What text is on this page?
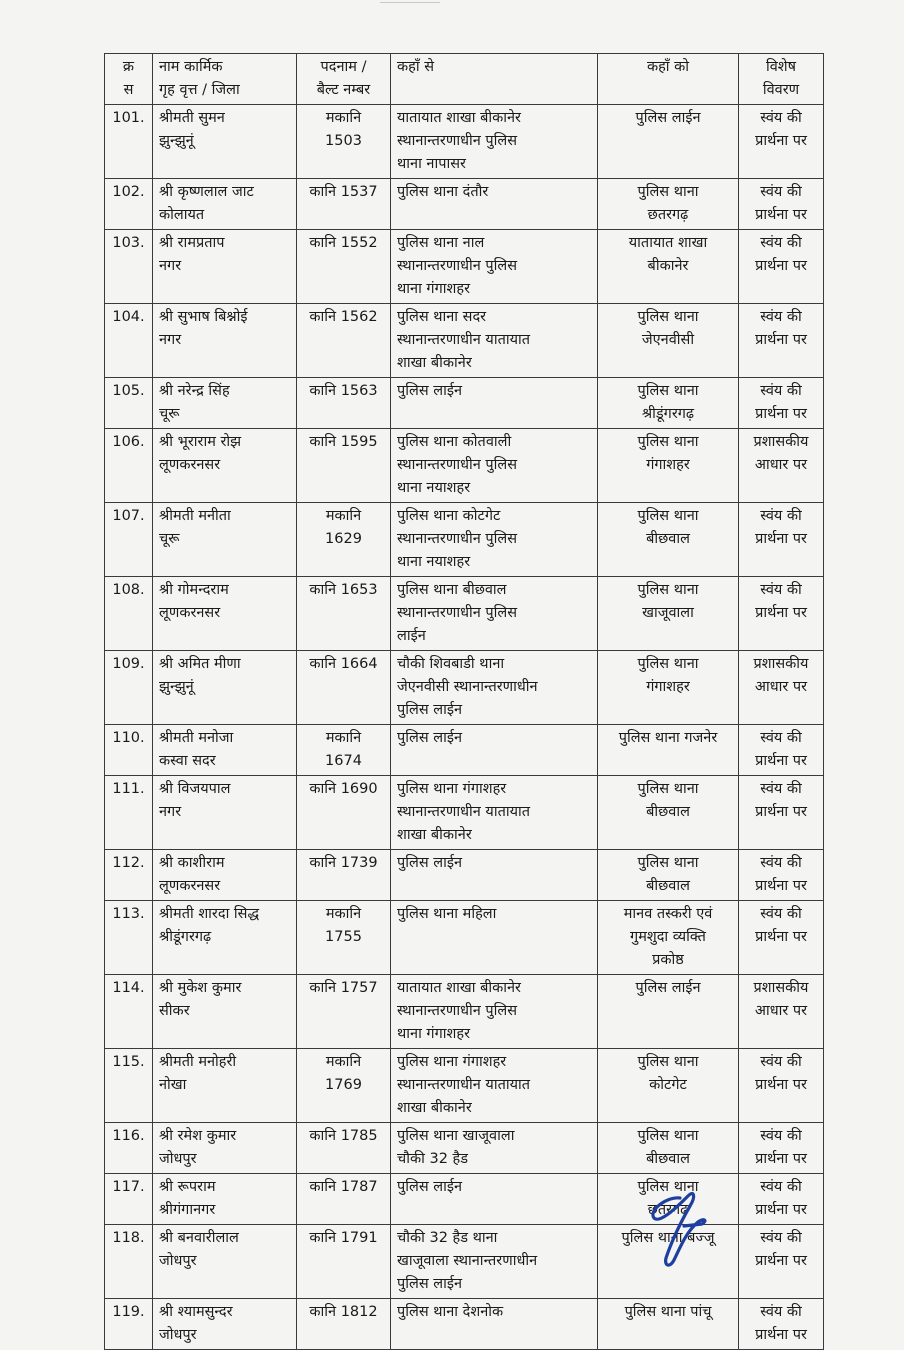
क्र
स	नाम कार्मिक
गृह वृत्त / जिला	पदनाम /
बैल्ट नम्बर	कहाँ से	कहाँ को	विशेष
विवरण

101.	श्रीमती सुमन
झुन्झुनूं	मकानि
1503	यातायात शाखा बीकानेर
स्थानान्तरणाधीन पुलिस
थाना नापासर	पुलिस लाईन	स्वंय की
प्रार्थना पर

102.	श्री कृष्णलाल जाट
कोलायत	कानि 1537	पुलिस थाना दंतौर	पुलिस थाना
छतरगढ़	स्वंय की
प्रार्थना पर

103.	श्री रामप्रताप
नगर	कानि 1552	पुलिस थाना नाल
स्थानान्तरणाधीन पुलिस
थाना गंगाशहर	यातायात शाखा
बीकानेर	स्वंय की
प्रार्थना पर

104.	श्री सुभाष बिश्नोई
नगर	कानि 1562	पुलिस थाना सदर
स्थानान्तरणाधीन यातायात
शाखा बीकानेर	पुलिस थाना
जेएनवीसी	स्वंय की
प्रार्थना पर

105.	श्री नरेन्द्र सिंह
चूरू	कानि 1563	पुलिस लाईन	पुलिस थाना
श्रीडूंगरगढ़	स्वंय की
प्रार्थना पर

106.	श्री भूराराम रोझ
लूणकरनसर	कानि 1595	पुलिस थाना कोतवाली
स्थानान्तरणाधीन पुलिस
थाना नयाशहर	पुलिस थाना
गंगाशहर	प्रशासकीय
आधार पर

107.	श्रीमती मनीता
चूरू	मकानि
1629	पुलिस थाना कोटगेट
स्थानान्तरणाधीन पुलिस
थाना नयाशहर	पुलिस थाना
बीछवाल	स्वंय की
प्रार्थना पर

108.	श्री गोमन्दराम
लूणकरनसर	कानि 1653	पुलिस थाना बीछवाल
स्थानान्तरणाधीन पुलिस
लाईन	पुलिस थाना
खाजूवाला	स्वंय की
प्रार्थना पर

109.	श्री अमित मीणा
झुन्झुनूं	कानि 1664	चौकी शिवबाडी थाना
जेएनवीसी स्थानान्तरणाधीन
पुलिस लाईन	पुलिस थाना
गंगाशहर	प्रशासकीय
आधार पर

110.	श्रीमती मनोजा
कस्वा सदर	मकानि
1674	पुलिस लाईन	पुलिस थाना गजनेर	स्वंय की
प्रार्थना पर

111.	श्री विजयपाल
नगर	कानि 1690	पुलिस थाना गंगाशहर
स्थानान्तरणाधीन यातायात
शाखा बीकानेर	पुलिस थाना
बीछवाल	स्वंय की
प्रार्थना पर

112.	श्री काशीराम
लूणकरनसर	कानि 1739	पुलिस लाईन	पुलिस थाना
बीछवाल	स्वंय की
प्रार्थना पर

113.	श्रीमती शारदा सिद्ध
श्रीडूंगरगढ़	मकानि
1755	पुलिस थाना महिला	मानव तस्करी एवं
गुमशुदा व्यक्ति
प्रकोष्ठ	स्वंय की
प्रार्थना पर

114.	श्री मुकेश कुमार
सीकर	कानि 1757	यातायात शाखा बीकानेर
स्थानान्तरणाधीन पुलिस
थाना गंगाशहर	पुलिस लाईन	प्रशासकीय
आधार पर

115.	श्रीमती मनोहरी
नोखा	मकानि
1769	पुलिस थाना गंगाशहर
स्थानान्तरणाधीन यातायात
शाखा बीकानेर	पुलिस थाना
कोटगेट	स्वंय की
प्रार्थना पर

116.	श्री रमेश कुमार
जोधपुर	कानि 1785	पुलिस थाना खाजूवाला
चौकी 32 हैड	पुलिस थाना
बीछवाल	स्वंय की
प्रार्थना पर

117.	श्री रूपराम
श्रीगंगानगर	कानि 1787	पुलिस लाईन	पुलिस थाना
छतरगढ़	स्वंय की
प्रार्थना पर

118.	श्री बनवारीलाल
जोधपुर	कानि 1791	चौकी 32 हैड थाना
खाजूवाला स्थानान्तरणाधीन
पुलिस लाईन	पुलिस थाना बज्जू	स्वंय की
प्रार्थना पर

119.	श्री श्यामसुन्दर
जोधपुर	कानि 1812	पुलिस थाना देशनोक	पुलिस थाना पांचू	स्वंय की
प्रार्थना पर
